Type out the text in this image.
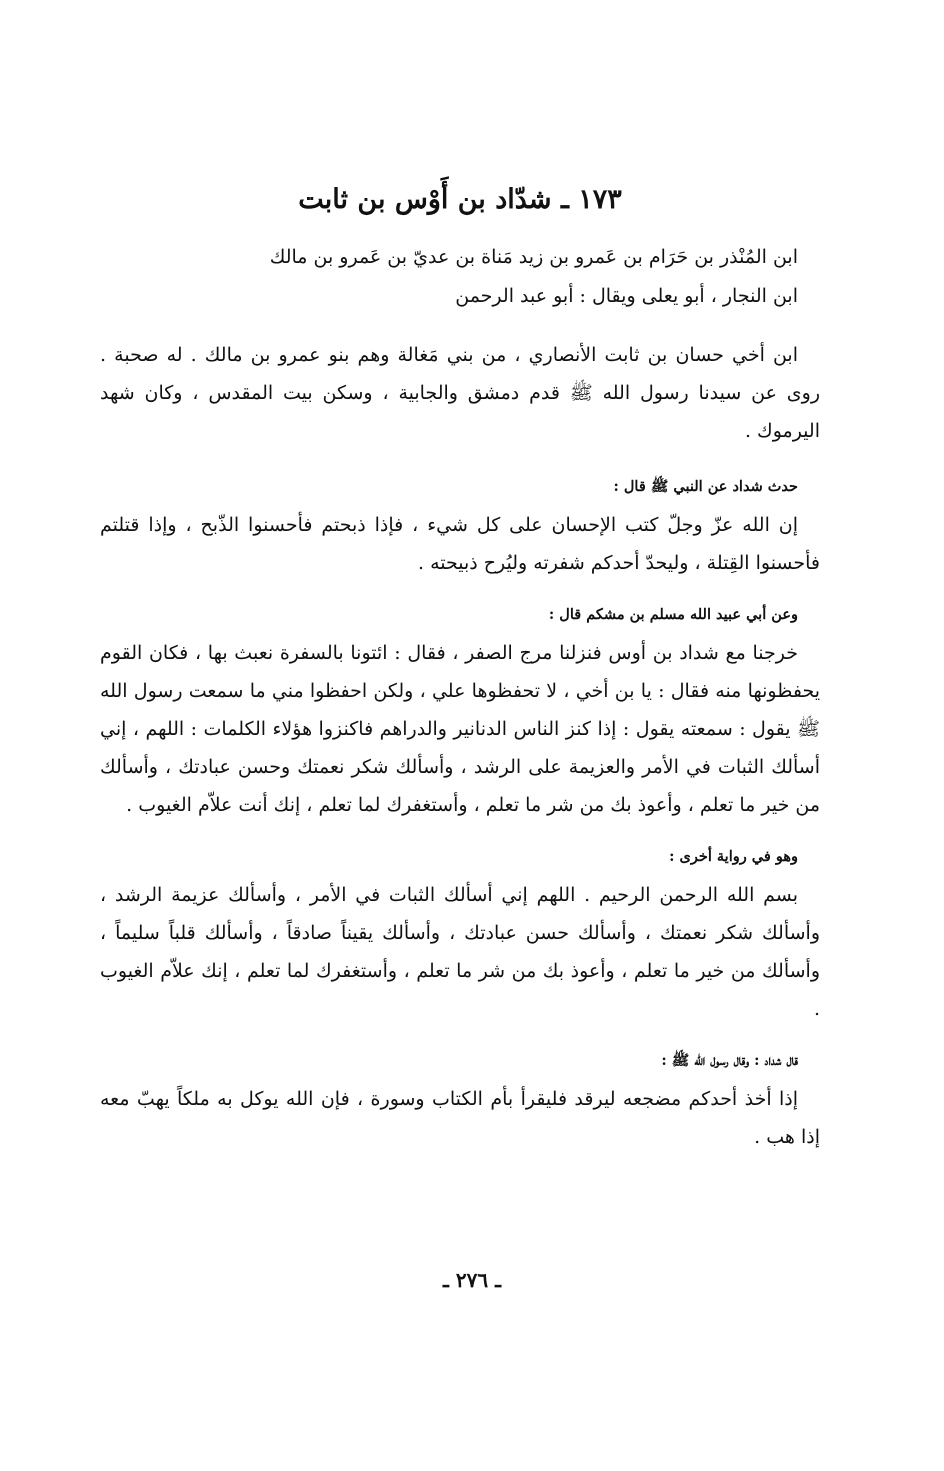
١٧٣ ـ شدّاد بن أَوْس بن ثابت
ابن المُنْذر بن حَرَام بن عَمرو بن زيد مَناة بن عديّ بن عَمرو بن مالك
ابن النجار ، أبو يعلى ويقال : أبو عبد الرحمن

ابن أخي حسان بن ثابت الأنصاري ، من بني مَغالة وهم بنو عمرو بن مالك . له صحبة . روى عن سيدنا رسول الله ﷺ قدم دمشق والجابية ، وسكن بيت المقدس ، وكان شهد اليرموك .

حدث شداد عن النبي ﷺ قال :

إن الله عزّ وجلّ كتب الإحسان على كل شيء ، فإذا ذبحتم فأحسنوا الذّبح ، وإذا قتلتم فأحسنوا القِتلة ، وليحدّ أحدكم شفرته وليُرح ذبيحته .

وعن أبي عبيد الله مسلم بن مشكم قال :

خرجنا مع شداد بن أوس فنزلنا مرج الصفر ، فقال : ائتونا بالسفرة نعبث بها ، فكان القوم يحفظونها منه فقال : يا بن أخي ، لا تحفظوها علي ، ولكن احفظوا مني ما سمعت رسول الله ﷺ يقول : سمعته يقول : إذا كنز الناس الدنانير والدراهم فاكنزوا هؤلاء الكلمات : اللهم ، إني أسألك الثبات في الأمر والعزيمة على الرشد ، وأسألك شكر نعمتك وحسن عبادتك ، وأسألك من خير ما تعلم ، وأعوذ بك من شر ما تعلم ، وأستغفرك لما تعلم ، إنك أنت علاّم الغيوب .

وهو في رواية أخرى :

بسم الله الرحمن الرحيم . اللهم إني أسألك الثبات في الأمر ، وأسألك عزيمة الرشد ، وأسألك شكر نعمتك ، وأسألك حسن عبادتك ، وأسألك يقيناً صادقاً ، وأسألك قلباً سليماً ، وأسألك من خير ما تعلم ، وأعوذ بك من شر ما تعلم ، وأستغفرك لما تعلم ، إنك علاّم الغيوب .

قال شداد : وقال رسول الله ﷺ :

إذا أخذ أحدكم مضجعه ليرقد فليقرأ بأم الكتاب وسورة ، فإن الله يوكل به ملكاً يهبّ معه إذا هب .

ـ ٢٧٦ ـ
